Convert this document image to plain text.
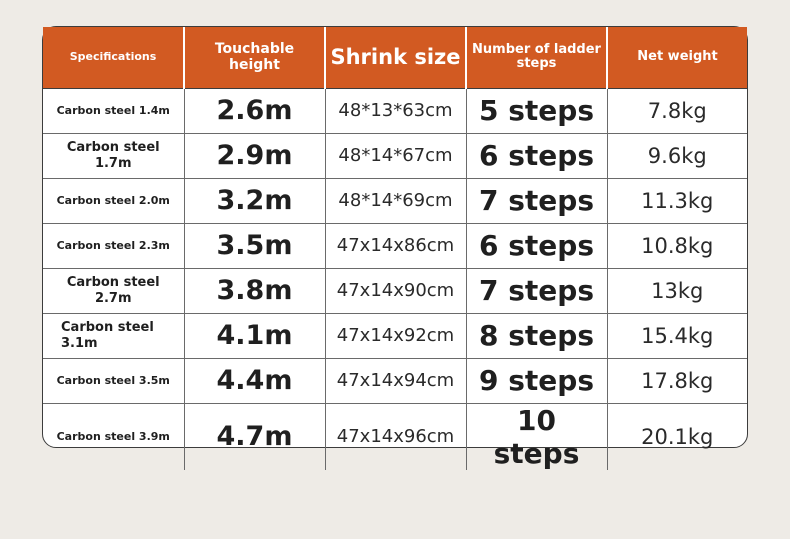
Specifications	Touchable height	Shrink size	Number of ladder steps	Net weight
Carbon steel 1.4m	2.6m	48*13*63cm	5 steps	7.8kg
Carbon steel 1.7m	2.9m	48*14*67cm	6 steps	9.6kg
Carbon steel 2.0m	3.2m	48*14*69cm	7 steps	11.3kg
Carbon steel 2.3m	3.5m	47x14x86cm	6 steps	10.8kg
Carbon steel 2.7m	3.8m	47x14x90cm	7 steps	13kg
Carbon steel 3.1m	4.1m	47x14x92cm	8 steps	15.4kg
Carbon steel 3.5m	4.4m	47x14x94cm	9 steps	17.8kg
Carbon steel 3.9m	4.7m	47x14x96cm	10 steps	20.1kg
